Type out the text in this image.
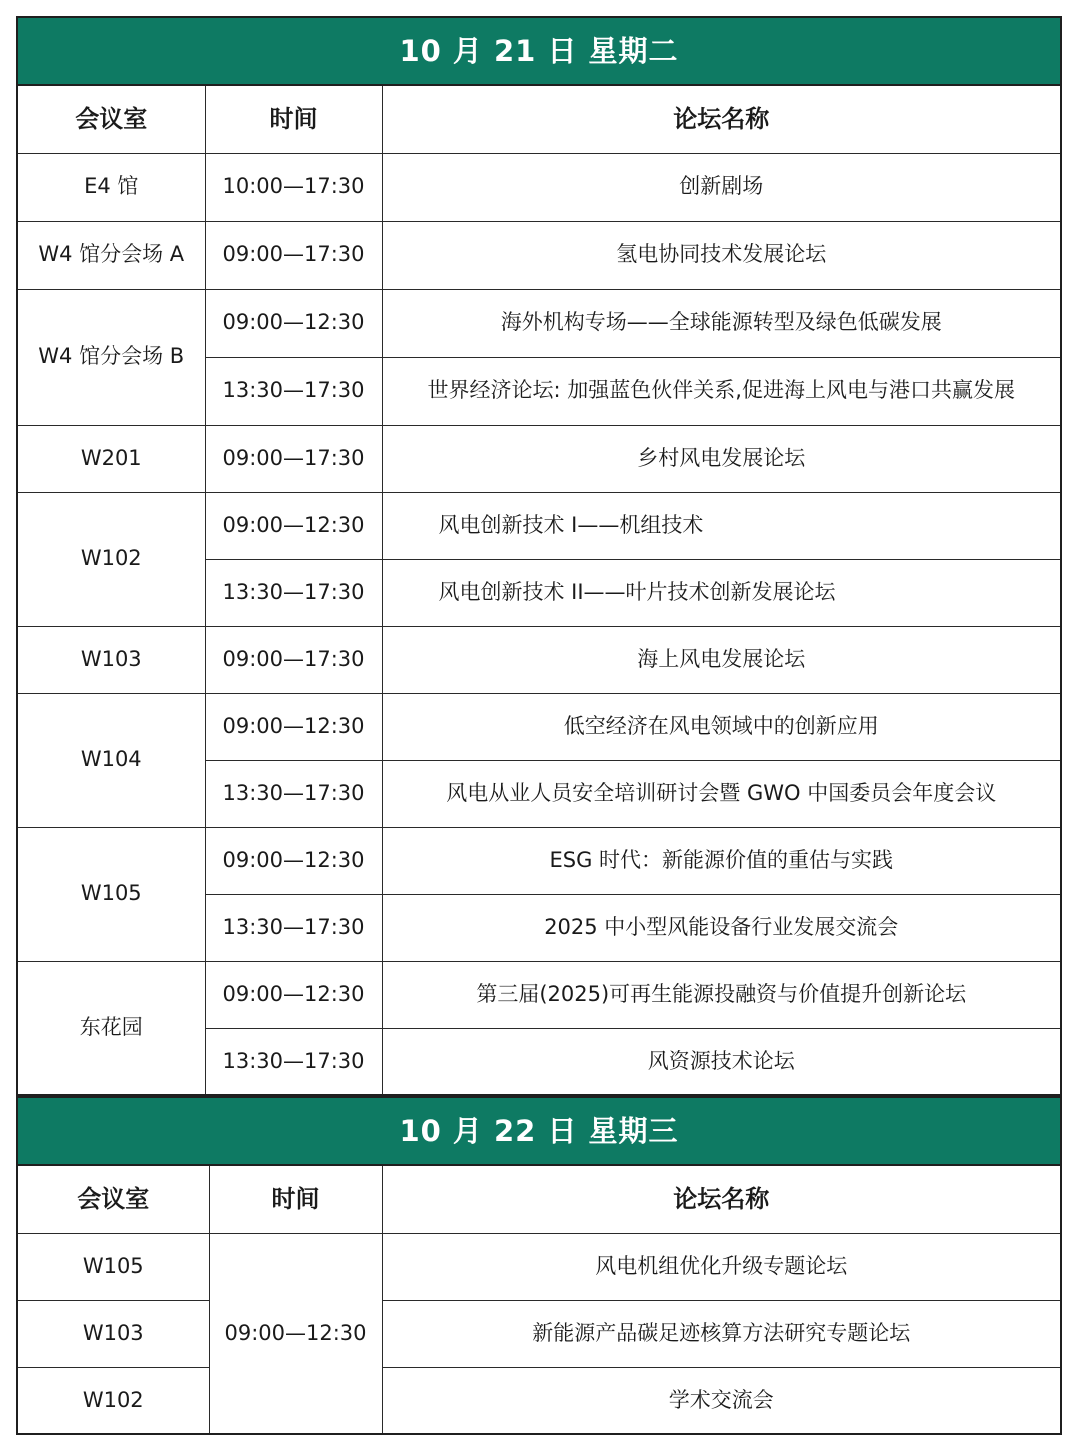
10 月 21 日 星期二		
会议室	时间	论坛名称
E4 馆	10:00—17:30	创新剧场
W4 馆分会场 A	09:00—17:30	氢电协同技术发展论坛
W4 馆分会场 B	09:00—12:30	海外机构专场——全球能源转型及绿色低碳发展
	13:30—17:30	世界经济论坛: 加强蓝色伙伴关系,促进海上风电与港口共赢发展
W201	09:00—17:30	乡村风电发展论坛
W102	09:00—12:30	风电创新技术 I——机组技术
	13:30—17:30	风电创新技术 II——叶片技术创新发展论坛
W103	09:00—17:30	海上风电发展论坛
W104	09:00—12:30	低空经济在风电领域中的创新应用
	13:30—17:30	风电从业人员安全培训研讨会暨 GWO 中国委员会年度会议
W105	09:00—12:30	ESG 时代：新能源价值的重估与实践
	13:30—17:30	2025 中小型风能设备行业发展交流会
东花园	09:00—12:30	第三届(2025)可再生能源投融资与价值提升创新论坛
	13:30—17:30	风资源技术论坛
10 月 22 日 星期三		
会议室	时间	论坛名称
W105	09:00—12:30	风电机组优化升级专题论坛
W103		新能源产品碳足迹核算方法研究专题论坛
W102		学术交流会
